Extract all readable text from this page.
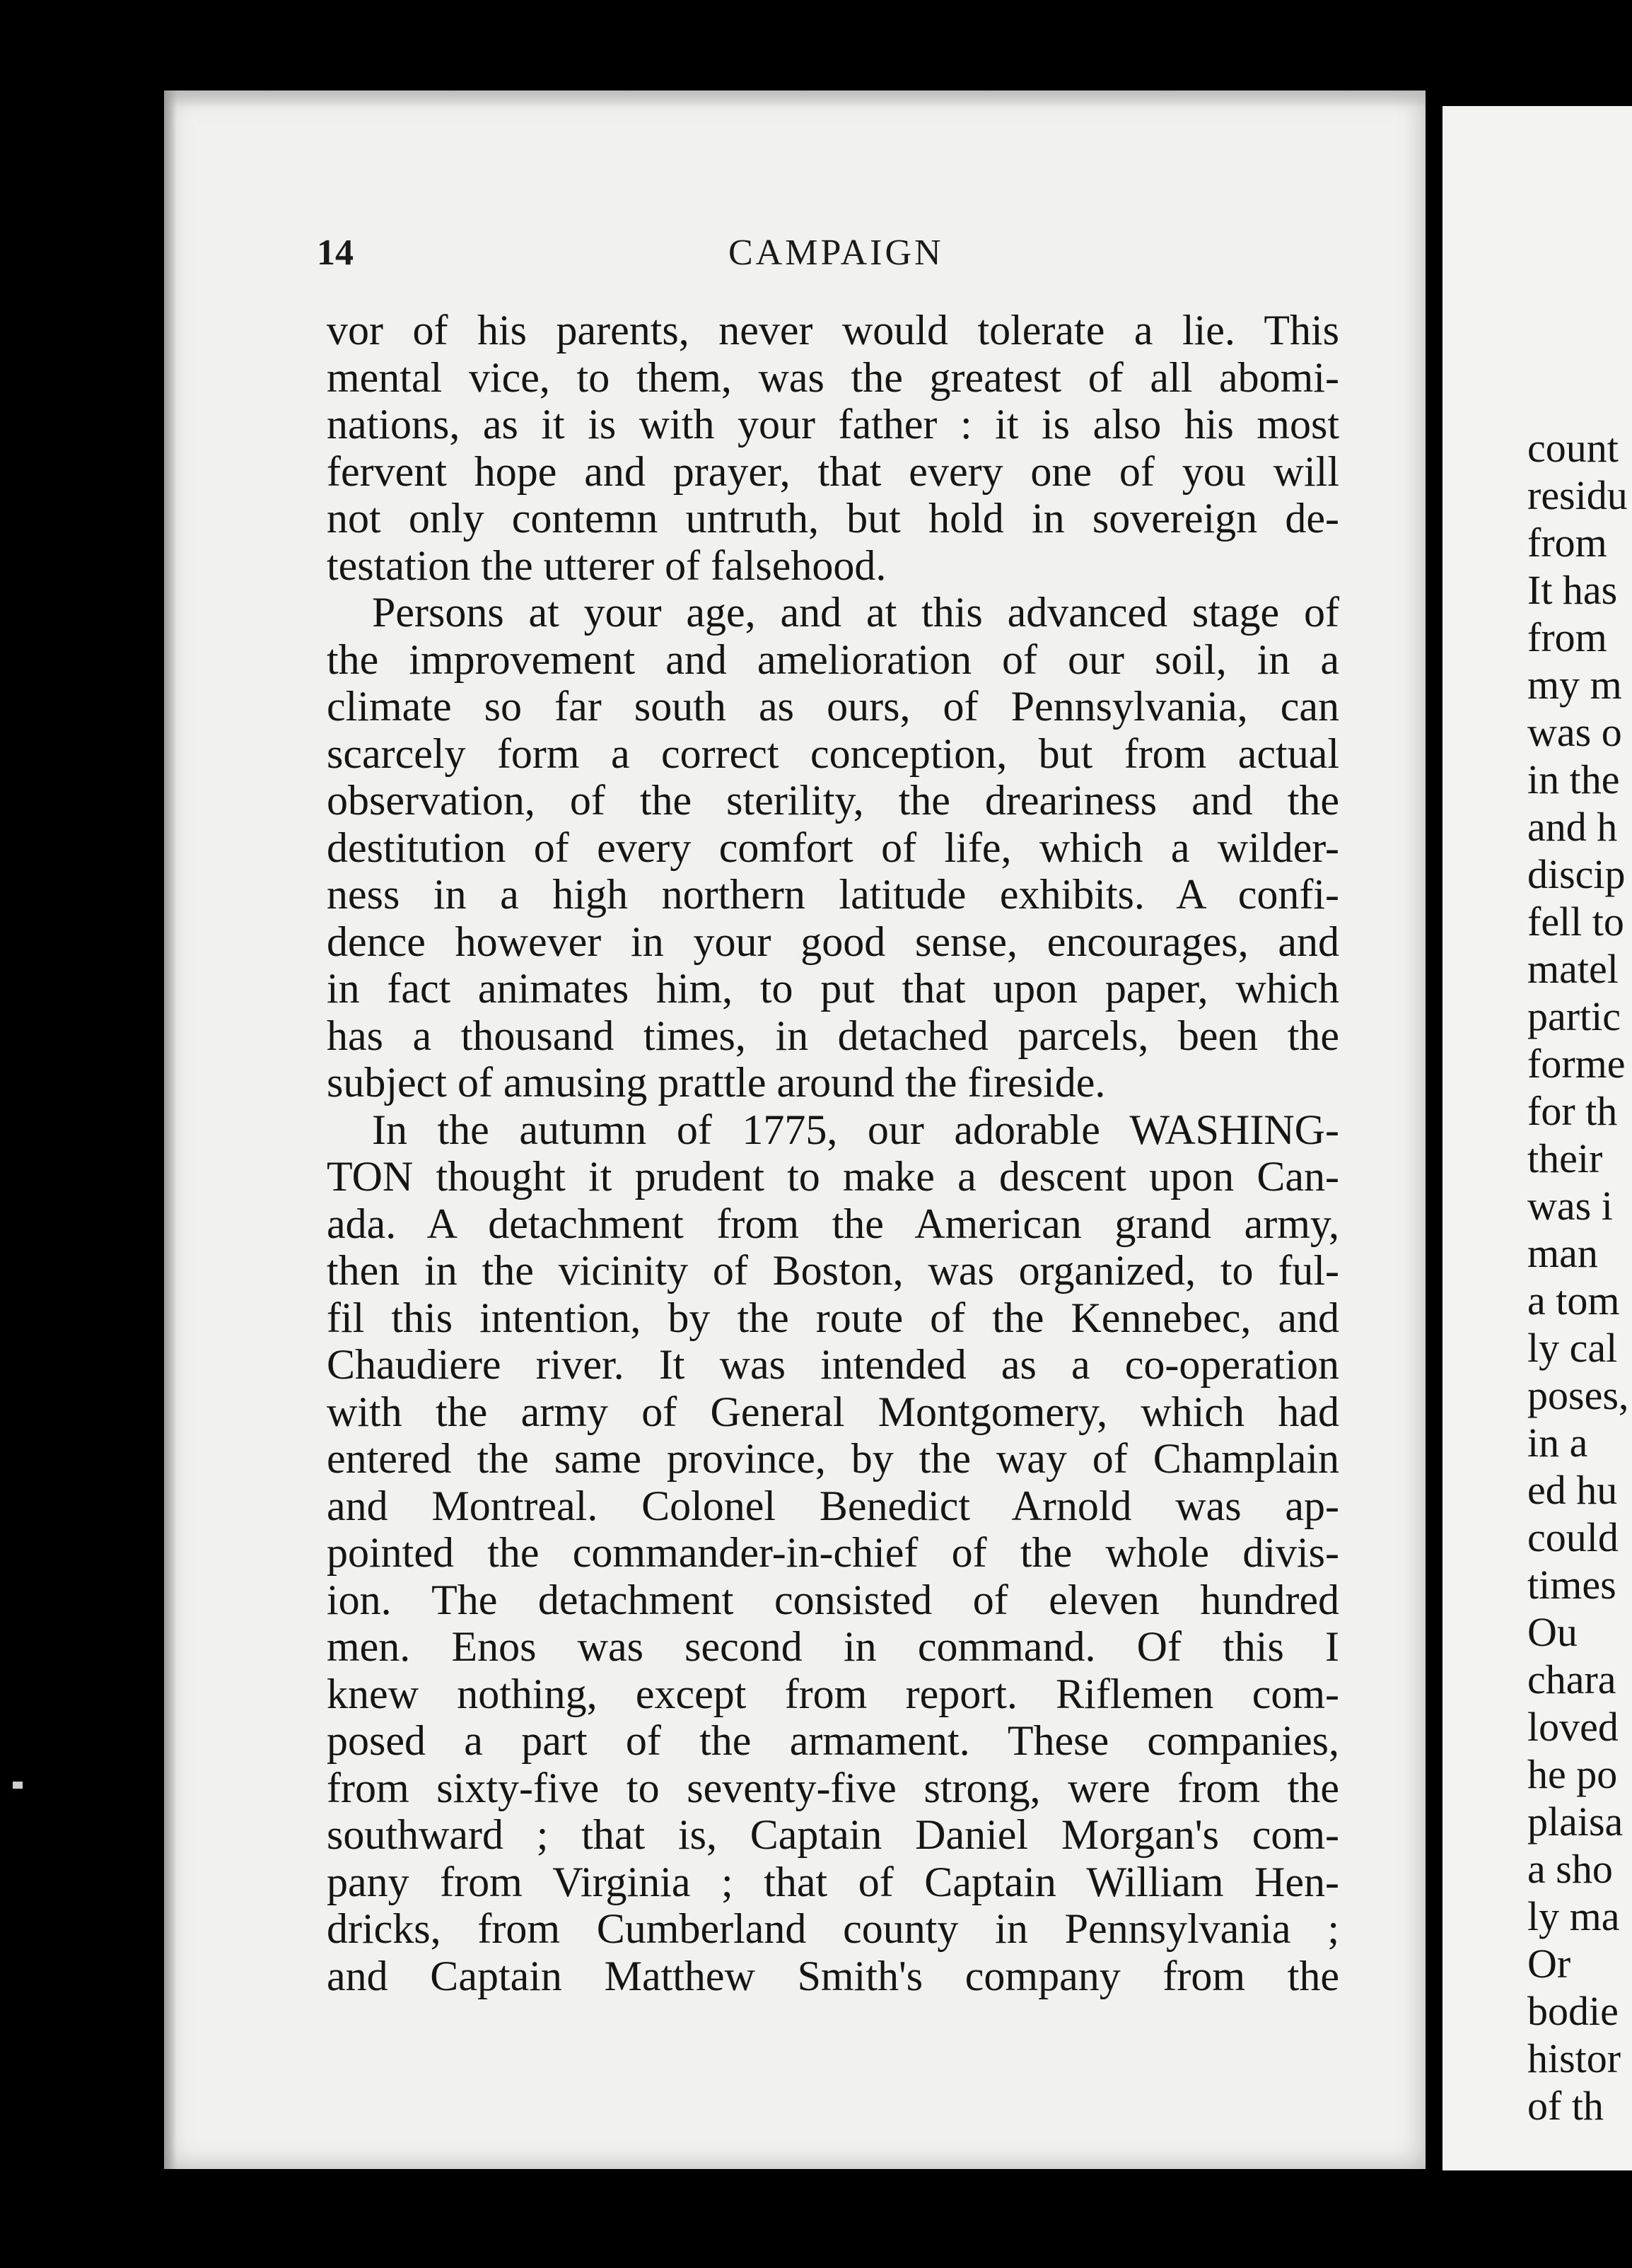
14	CAMPAIGN
vor of his parents, never would tolerate a lie. This
mental vice, to them, was the greatest of all abomi-
nations, as it is with your father : it is also his most
fervent hope and prayer, that every one of you will
not only contemn untruth, but hold in sovereign de-
testation the utterer of falsehood.
Persons at your age, and at this advanced stage of
the improvement and amelioration of our soil, in a
climate so far south as ours, of Pennsylvania, can
scarcely form a correct conception, but from actual
observation, of the sterility, the dreariness and the
destitution of every comfort of life, which a wilder-
ness in a high northern latitude exhibits. A confi-
dence however in your good sense, encourages, and
in fact animates him, to put that upon paper, which
has a thousand times, in detached parcels, been the
subject of amusing prattle around the fireside.
In the autumn of 1775, our adorable WASHING-
TON thought it prudent to make a descent upon Can-
ada. A detachment from the American grand army,
then in the vicinity of Boston, was organized, to ful-
fil this intention, by the route of the Kennebec, and
Chaudiere river. It was intended as a co-operation
with the army of General Montgomery, which had
entered the same province, by the way of Champlain
and Montreal. Colonel Benedict Arnold was ap-
pointed the commander-in-chief of the whole divis-
ion. The detachment consisted of eleven hundred
men. Enos was second in command. Of this I
knew nothing, except from report. Riflemen com-
posed a part of the armament. These companies,
from sixty-five to seventy-five strong, were from the
southward ; that is, Captain Daniel Morgan's com-
pany from Virginia ; that of Captain William Hen-
dricks, from Cumberland county in Pennsylvania ;
and Captain Matthew Smith's company from the
count
residu
from
It has
from
my m
was o
in the
and h
discip
fell to
matel
partic
forme
for th
their
was i
man
a tom
ly cal
poses,
in a
ed hu
could
times
Ou
chara
loved
he po
plaisa
a sho
ly ma
Or
bodie
histor
of th
